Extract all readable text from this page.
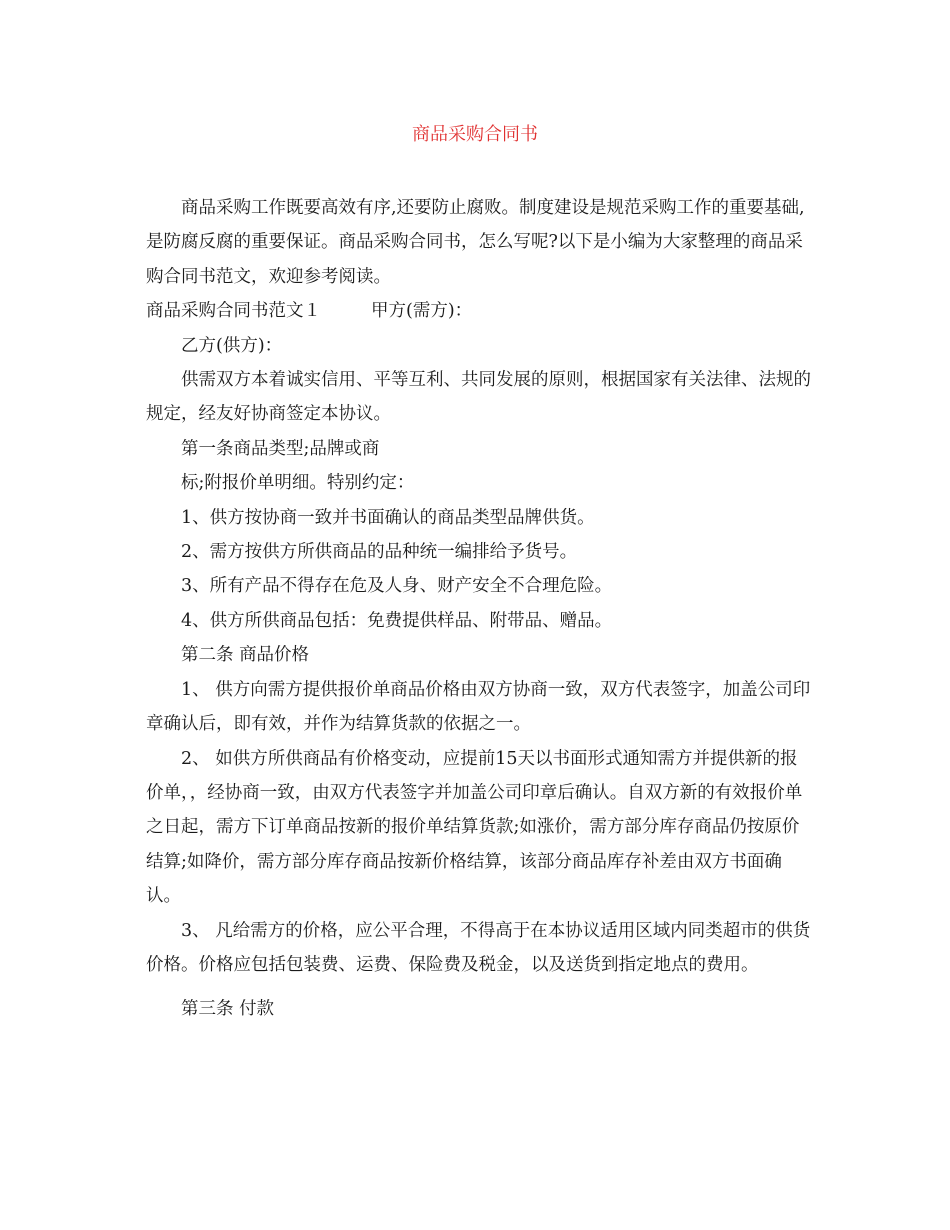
商品采购合同书

商品采购工作既要高效有序,还要防止腐败。制度建设是规范采购工作的重要基础,是防腐反腐的重要保证。商品采购合同书，怎么写呢?以下是小编为大家整理的商品采购合同书范文，欢迎参考阅读。

商品采购合同书范文１	甲方(需方)：

乙方(供方)：

供需双方本着诚实信用、平等互利、共同发展的原则，根据国家有关法律、法规的规定，经友好协商签定本协议。

第一条商品类型;品牌或商

标;附报价单明细。特别约定：

1、供方按协商一致并书面确认的商品类型品牌供货。

2、需方按供方所供商品的品种统一编排给予货号。

3、所有产品不得存在危及人身、财产安全不合理危险。

4、供方所供商品包括：免费提供样品、附带品、赠品。

第二条 商品价格

1、 供方向需方提供报价单商品价格由双方协商一致，双方代表签字，加盖公司印章确认后，即有效，并作为结算货款的依据之一。

2、 如供方所供商品有价格变动，应提前15天以书面形式通知需方并提供新的报价单，，经协商一致，由双方代表签字并加盖公司印章后确认。自双方新的有效报价单之日起，需方下订单商品按新的报价单结算货款;如涨价，需方部分库存商品仍按原价结算;如降价，需方部分库存商品按新价格结算，该部分商品库存补差由双方书面确认。

3、 凡给需方的价格，应公平合理，不得高于在本协议适用区域内同类超市的供货价格。价格应包括包装费、运费、保险费及税金，以及送货到指定地点的费用。

第三条 付款
